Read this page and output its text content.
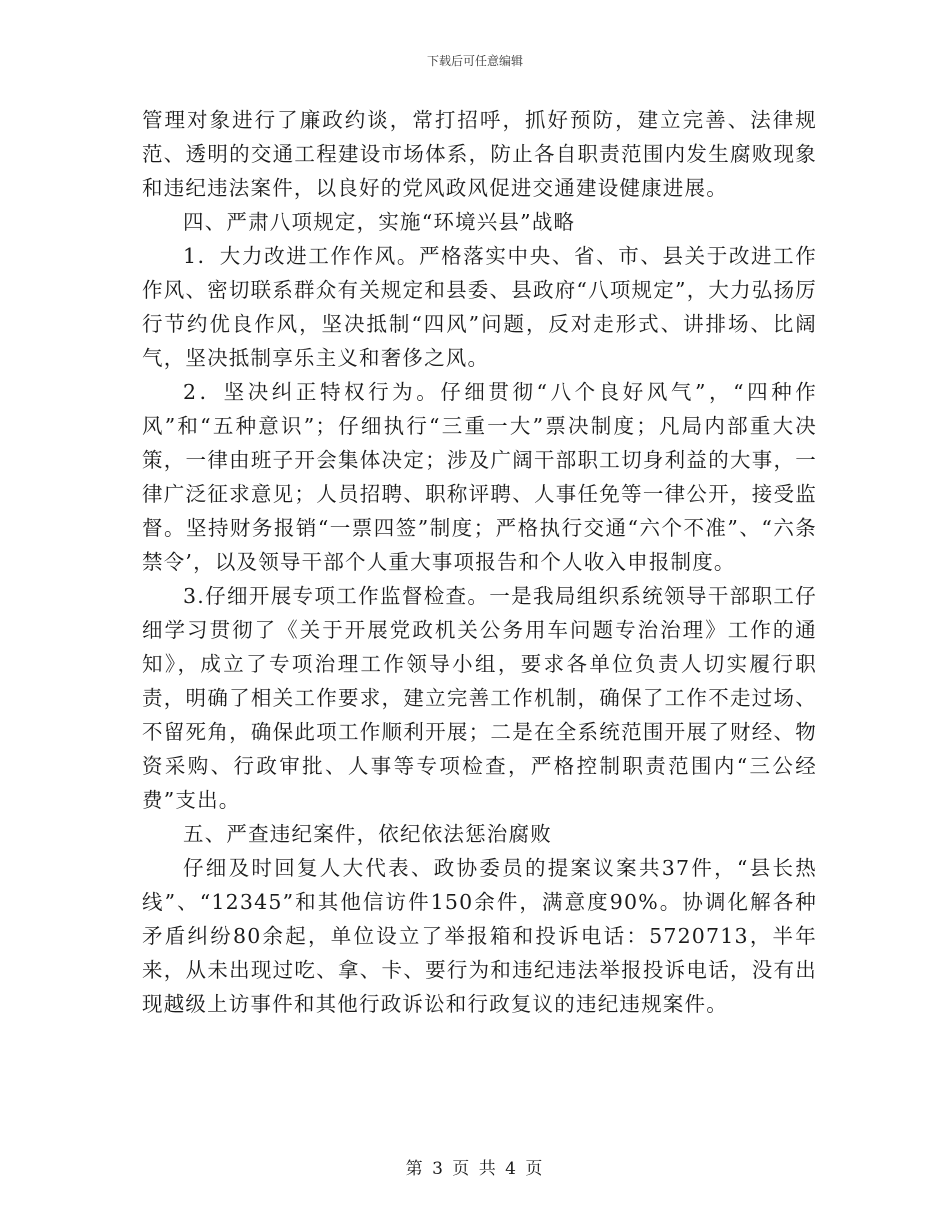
下载后可任意编辑

管理对象进行了廉政约谈，常打招呼，抓好预防，建立完善、法律规范、透明的交通工程建设市场体系，防止各自职责范围内发生腐败现象和违纪违法案件，以良好的党风政风促进交通建设健康进展。

四、严肃八项规定，实施“环境兴县”战略

1．大力改进工作作风。严格落实中央、省、市、县关于改进工作作风、密切联系群众有关规定和县委、县政府“八项规定”，大力弘扬厉行节约优良作风，坚决抵制“四风”问题，反对走形式、讲排场、比阔气，坚决抵制享乐主义和奢侈之风。

2．坚决纠正特权行为。仔细贯彻“八个良好风气”，“四种作风”和“五种意识”；仔细执行“三重一大”票决制度；凡局内部重大决策，一律由班子开会集体决定；涉及广阔干部职工切身利益的大事，一律广泛征求意见；人员招聘、职称评聘、人事任免等一律公开，接受监督。坚持财务报销“一票四签”制度；严格执行交通“六个不准”、“六条禁令’，以及领导干部个人重大事项报告和个人收入申报制度。

3.仔细开展专项工作监督检查。一是我局组织系统领导干部职工仔细学习贯彻了《关于开展党政机关公务用车问题专治治理》工作的通知》，成立了专项治理工作领导小组，要求各单位负责人切实履行职责，明确了相关工作要求，建立完善工作机制，确保了工作不走过场、不留死角，确保此项工作顺利开展；二是在全系统范围开展了财经、物资采购、行政审批、人事等专项检查，严格控制职责范围内“三公经费”支出。

五、严查违纪案件，依纪依法惩治腐败

仔细及时回复人大代表、政协委员的提案议案共37件，“县长热线”、“12345”和其他信访件150余件，满意度90%。协调化解各种矛盾纠纷80余起，单位设立了举报箱和投诉电话：5720713，半年来，从未出现过吃、拿、卡、要行为和违纪违法举报投诉电话，没有出现越级上访事件和其他行政诉讼和行政复议的违纪违规案件。

第 3 页 共 4 页
